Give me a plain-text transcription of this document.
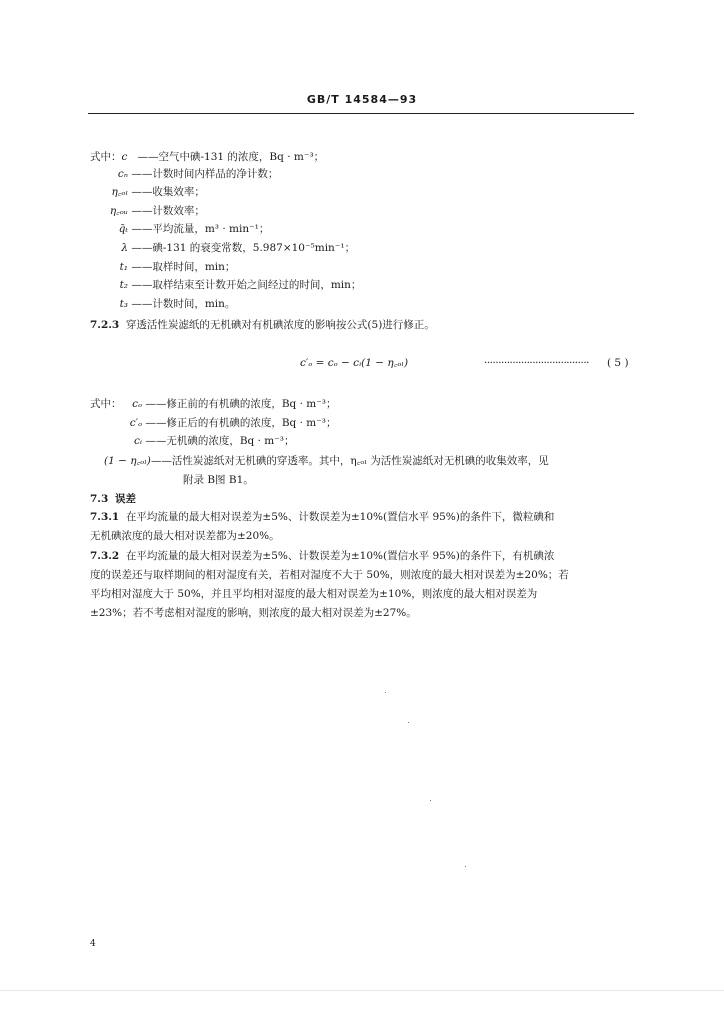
GB/T 14584—93
式中：c ——空气中碘-131 的浓度，Bq · m⁻³；
cₙ ——计数时间内样品的净计数；
η꜀ₒₗ ——收集效率；
η꜀ₒᵤ ——计数效率；
q̄ₜ ——平均流量，m³ · min⁻¹；
λ ——碘-131 的衰变常数，5.987×10⁻⁵min⁻¹；
t₁ ——取样时间，min；
t₂ ——取样结束至计数开始之间经过的时间，min；
t₃ ——计数时间，min。
7.2.3 穿透活性炭滤纸的无机碘对有机碘浓度的影响按公式(5)进行修正。
c′ₒ = cₒ − cᵢ(1 − η꜀ₒₗ)	····································· ( 5 )
式中：	cₒ ——修正前的有机碘的浓度，Bq · m⁻³；
c′ₒ ——修正后的有机碘的浓度，Bq · m⁻³；
cᵢ ——无机碘的浓度，Bq · m⁻³；
(1 − η꜀ₒₗ)——活性炭滤纸对无机碘的穿透率。其中，η꜀ₒₗ 为活性炭滤纸对无机碘的收集效率，见
附录 B图 B1。
7.3 误差
7.3.1 在平均流量的最大相对误差为±5%、计数误差为±10%(置信水平 95%)的条件下，微粒碘和
无机碘浓度的最大相对误差都为±20%。
7.3.2 在平均流量的最大相对误差为±5%、计数误差为±10%(置信水平 95%)的条件下，有机碘浓
度的误差还与取样期间的相对湿度有关，若相对湿度不大于 50%，则浓度的最大相对误差为±20%；若
平均相对湿度大于 50%，并且平均相对湿度的最大相对误差为±10%，则浓度的最大相对误差为
±23%；若不考虑相对湿度的影响，则浓度的最大相对误差为±27%。
4
